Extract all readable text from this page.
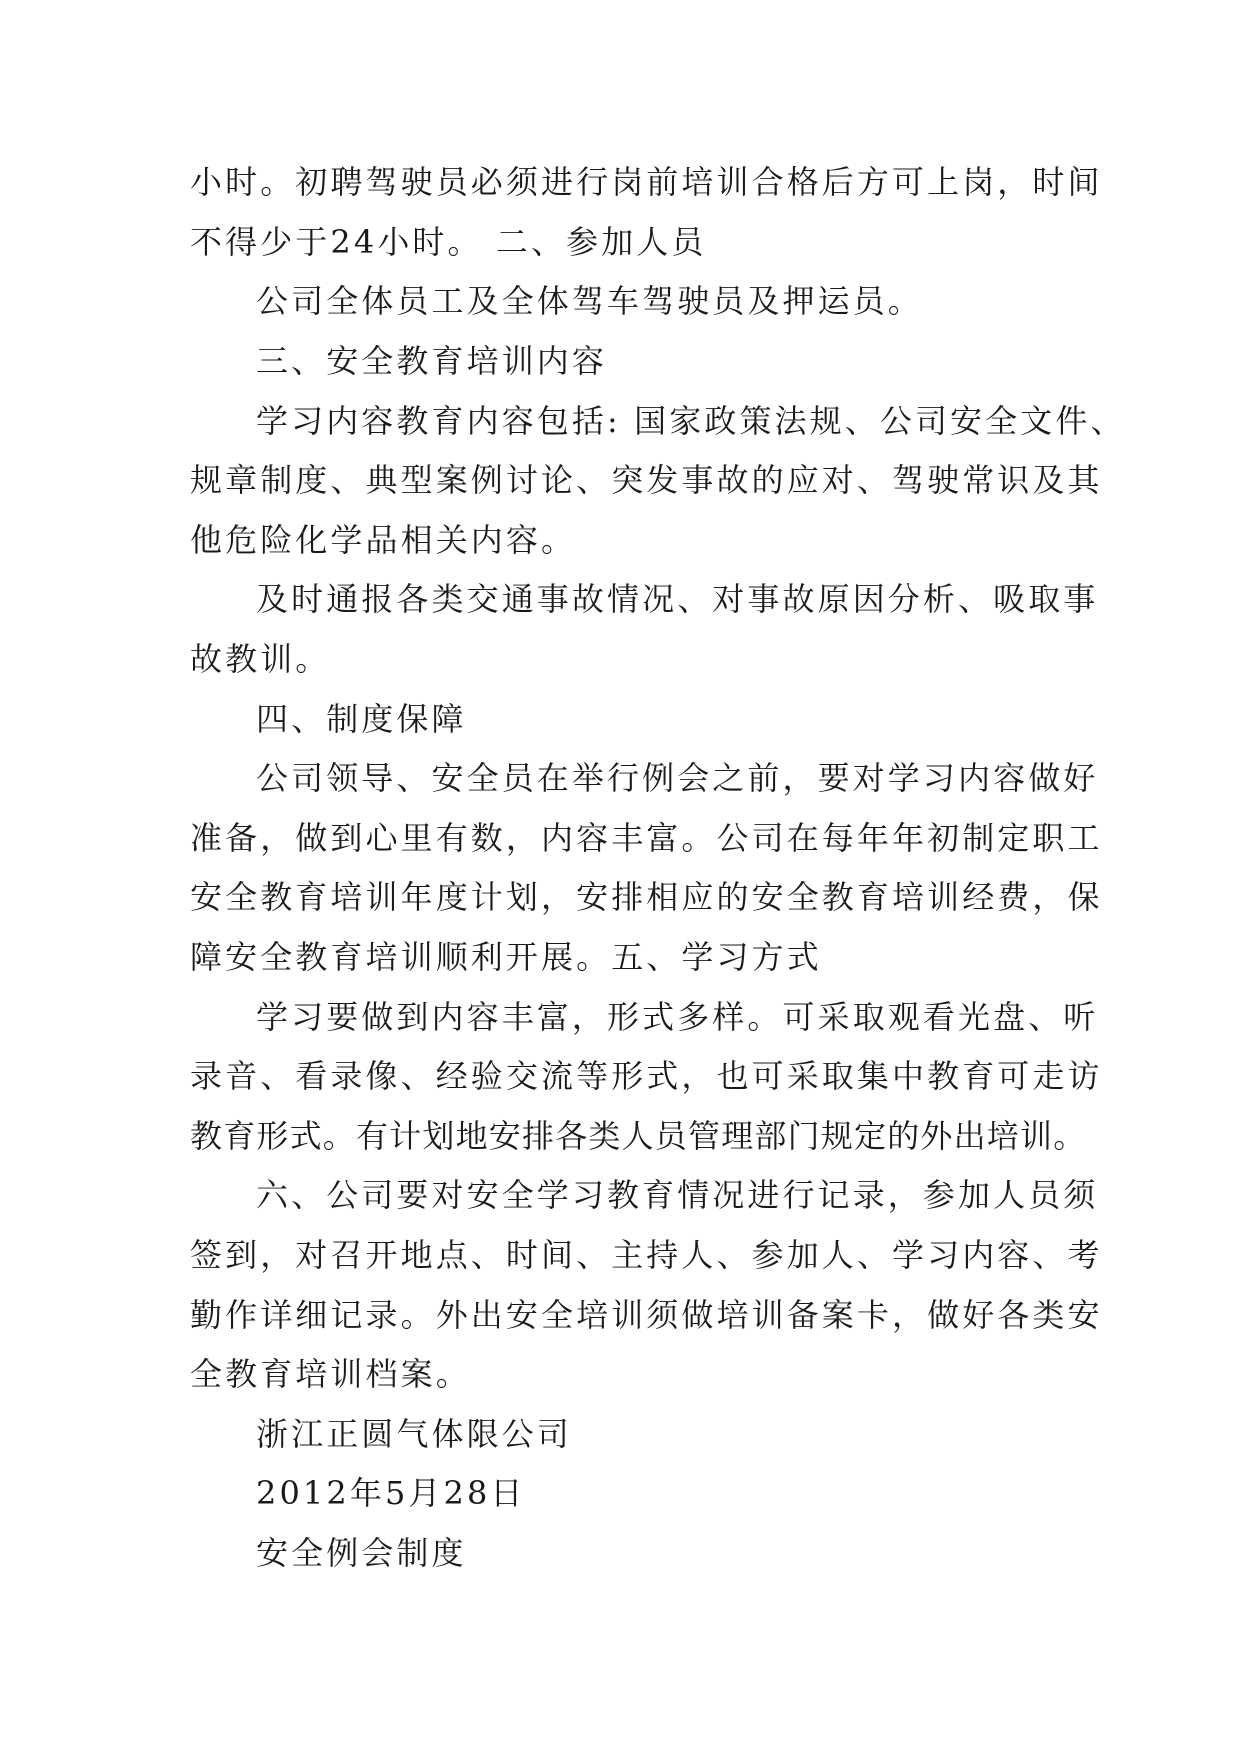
小时。初聘驾驶员必须进行岗前培训合格后方可上岗，时间
不得少于24小时。 二、参加人员
公司全体员工及全体驾车驾驶员及押运员。
三、安全教育培训内容
学习内容教育内容包括: 国家政策法规、公司安全文件、
规章制度、典型案例讨论、突发事故的应对、驾驶常识及其
他危险化学品相关内容。
及时通报各类交通事故情况、对事故原因分析、吸取事
故教训。
四、制度保障
公司领导、安全员在举行例会之前，要对学习内容做好
准备，做到心里有数，内容丰富。公司在每年年初制定职工
安全教育培训年度计划，安排相应的安全教育培训经费，保
障安全教育培训顺利开展。五、学习方式
学习要做到内容丰富，形式多样。可采取观看光盘、听
录音、看录像、经验交流等形式，也可采取集中教育可走访
教育形式。有计划地安排各类人员管理部门规定的外出培训。
六、公司要对安全学习教育情况进行记录，参加人员须
签到，对召开地点、时间、主持人、参加人、学习内容、考
勤作详细记录。外出安全培训须做培训备案卡，做好各类安
全教育培训档案。
浙江正圆气体限公司
2012年5月28日
安全例会制度
